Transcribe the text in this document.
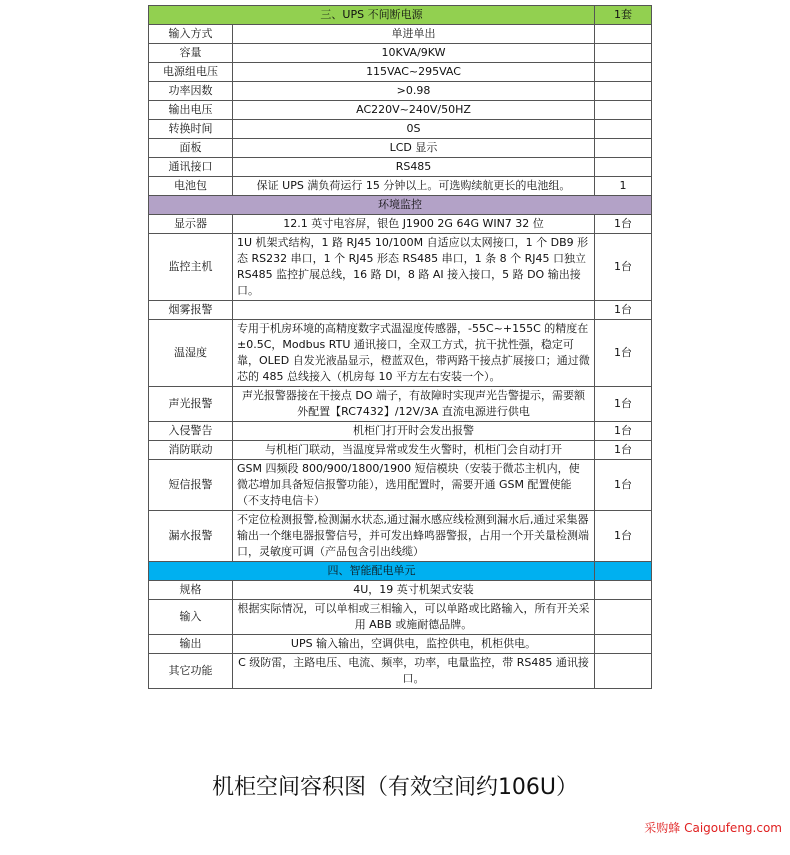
三、UPS 不间断电源		1套
输入方式	单进单出	
容量	10KVA/9KW	
电源组电压	115VAC~295VAC	
功率因数	>0.98	
输出电压	AC220V~240V/50HZ	
转换时间	0S	
面板	LCD 显示	
通讯接口	RS485	
电池包	保证 UPS 满负荷运行 15 分钟以上。可选购续航更长的电池组。	1
环境监控		
显示器	12.1 英寸电容屏，银色 J1900 2G 64G WIN7 32 位	1台
监控主机	1U 机架式结构，1 路 RJ45 10/100M 自适应以太网接口，1 个 DB9 形态 RS232 串口，1 个 RJ45 形态 RS485 串口，1 条 8 个 RJ45 口独立 RS485 监控扩展总线，16 路 DI，8 路 AI 接入接口，5 路 DO 输出接口。	1台
烟雾报警		1台
温湿度	专用于机房环境的高精度数字式温湿度传感器，-55C~+155C 的精度在 ±0.5C，Modbus RTU 通讯接口，全双工方式，抗干扰性强，稳定可靠，OLED 自发光液晶显示，橙蓝双色，带两路干接点扩展接口；通过微芯的 485 总线接入（机房每 10 平方左右安装一个）。	1台
声光报警	声光报警器接在干接点 DO 端子，有故障时实现声光告警提示，需要额外配置【RC7432】/12V/3A 直流电源进行供电	1台
入侵警告	机柜门打开时会发出报警	1台
消防联动	与机柜门联动，当温度异常或发生火警时，机柜门会自动打开	1台
短信报警	GSM 四频段 800/900/1800/1900 短信模块（安装于微芯主机内，使微芯增加具备短信报警功能），选用配置时，需要开通 GSM 配置使能（不支持电信卡）	1台
漏水报警	不定位检测报警,检测漏水状态,通过漏水感应线检测到漏水后,通过采集器输出一个继电器报警信号，并可发出蜂鸣器警报，占用一个开关量检测端口，灵敏度可调（产品包含引出线缆）	1台
四、智能配电单元		
规格	4U，19 英寸机架式安装	
输入	根据实际情况，可以单相或三相输入，可以单路或比路输入，所有开关采用 ABB 或施耐德品牌。	
输出	UPS 输入输出，空调供电，监控供电，机柜供电。	
其它功能	C 级防雷，主路电压、电流、频率，功率，电量监控，带 RS485 通讯接口。	
机柜空间容积图（有效空间约106U）
采购蜂 Caigoufeng.com
